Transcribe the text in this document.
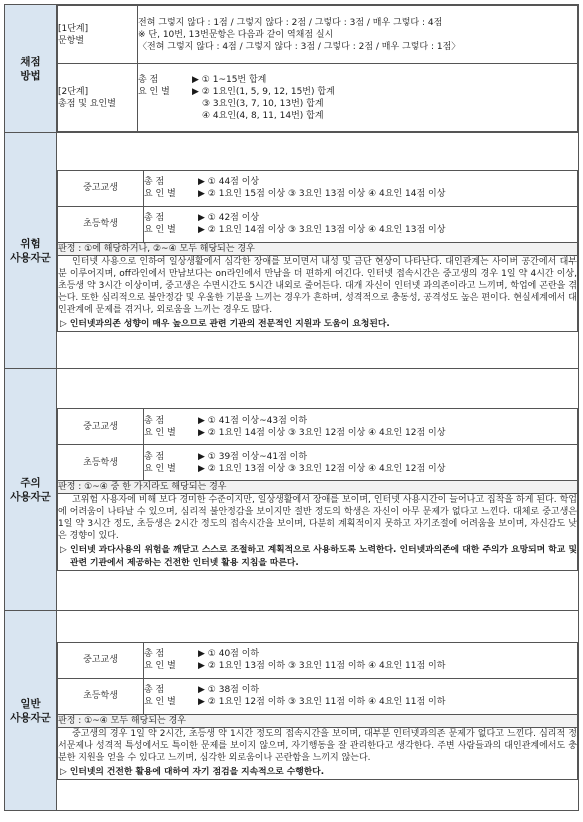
채점
방법

[1단계]
문항별

전혀 그렇지 않다 : 1점 / 그렇지 않다 : 2점 / 그렇다 : 3점 / 매우 그렇다 : 4점
※ 단, 10번, 13번문항은 다음과 같이 역채점 실시
〈전혀 그렇지 않다 : 4점 / 그렇지 않다 : 3점 / 그렇다 : 2점 / 매우 그렇다 : 1점〉

[2단계]
총점 및 요인별

총 점	▶ ① 1~15번 합계
요 인 별	▶ ② 1요인(1, 5, 9, 12, 15번) 합계
③ 3요인(3, 7, 10, 13번) 합계
④ 4요인(4, 8, 11, 14번) 합계

위험
사용자군

중고교생	
총 점	▶ ① 44점 이상
요 인 별	▶ ② 1요인 15점 이상 ③ 3요인 13점 이상 ④ 4요인 14점 이상

초등학생	
총 점	▶ ① 42점 이상
요 인 별	▶ ② 1요인 14점 이상 ③ 3요인 13점 이상 ④ 4요인 13점 이상

판정 : ①에 해당하거나, ②~④ 모두 해당되는 경우

인터넷 사용으로 인하여 일상생활에서 심각한 장애를 보이면서 내성 및 금단 현상이 나타난다. 대인관계는 사이버 공간에서 대부분 이루어지며, off라인에서 만남보다는 on라인에서 만남을 더 편하게 여긴다. 인터넷 접속시간은 중고생의 경우 1일 약 4시간 이상, 초등생 약 3시간 이상이며, 중고생은 수면시간도 5시간 내외로 줄어든다. 대개 자신이 인터넷 과의존이라고 느끼며, 학업에 곤란을 겪는다. 또한 심리적으로 불안정감 및 우울한 기분을 느끼는 경우가 흔하며, 성격적으로 충동성, 공격성도 높은 편이다. 현실세계에서 대인관계에 문제를 겪거나, 외로움을 느끼는 경우도 많다.

▷ 인터넷과의존 성향이 매우 높으므로 관련 기관의 전문적인 지원과 도움이 요청된다.

주의
사용자군

중고교생	
총 점	▶ ① 41점 이상~43점 이하
요 인 별	▶ ② 1요인 14점 이상 ③ 3요인 12점 이상 ④ 4요인 12점 이상

초등학생	
총 점	▶ ① 39점 이상~41점 이하
요 인 별	▶ ② 1요인 13점 이상 ③ 3요인 12점 이상 ④ 4요인 12점 이상

판정 : ①~④ 중 한 가지라도 해당되는 경우

고위험 사용자에 비해 보다 경미한 수준이지만, 일상생활에서 장애를 보이며, 인터넷 사용시간이 늘어나고 집착을 하게 된다. 학업에 어려움이 나타날 수 있으며, 심리적 불안정감을 보이지만 절반 정도의 학생은 자신이 아무 문제가 없다고 느낀다. 대체로 중고생은 1일 약 3시간 정도, 초등생은 2시간 정도의 접속시간을 보이며, 다분히 계획적이지 못하고 자기조절에 어려움을 보이며, 자신감도 낮은 경향이 있다.

▷ 인터넷 과다사용의 위험을 깨닫고 스스로 조절하고 계획적으로 사용하도록 노력한다. 인터넷과의존에 대한 주의가 요망되며 학교 및 관련 기관에서 제공하는 건전한 인터넷 활용 지침을 따른다.

일반
사용자군

중고교생	
총 점	▶ ① 40점 이하
요 인 별	▶ ② 1요인 13점 이하 ③ 3요인 11점 이하 ④ 4요인 11점 이하

초등학생	
총 점	▶ ① 38점 이하
요 인 별	▶ ② 1요인 12점 이하 ③ 3요인 11점 이하 ④ 4요인 11점 이하

판정 : ①~④ 모두 해당되는 경우

중고생의 경우 1일 약 2시간, 초등생 약 1시간 정도의 접속시간을 보이며, 대부분 인터넷과의존 문제가 없다고 느낀다. 심리적 정서문제나 성격적 특성에서도 특이한 문제를 보이지 않으며, 자기행동을 잘 관리한다고 생각한다. 주변 사람들과의 대인관계에서도 충분한 지원을 얻을 수 있다고 느끼며, 심각한 외로움이나 곤란함을 느끼지 않는다.

▷ 인터넷의 건전한 활용에 대하여 자기 점검을 지속적으로 수행한다.
